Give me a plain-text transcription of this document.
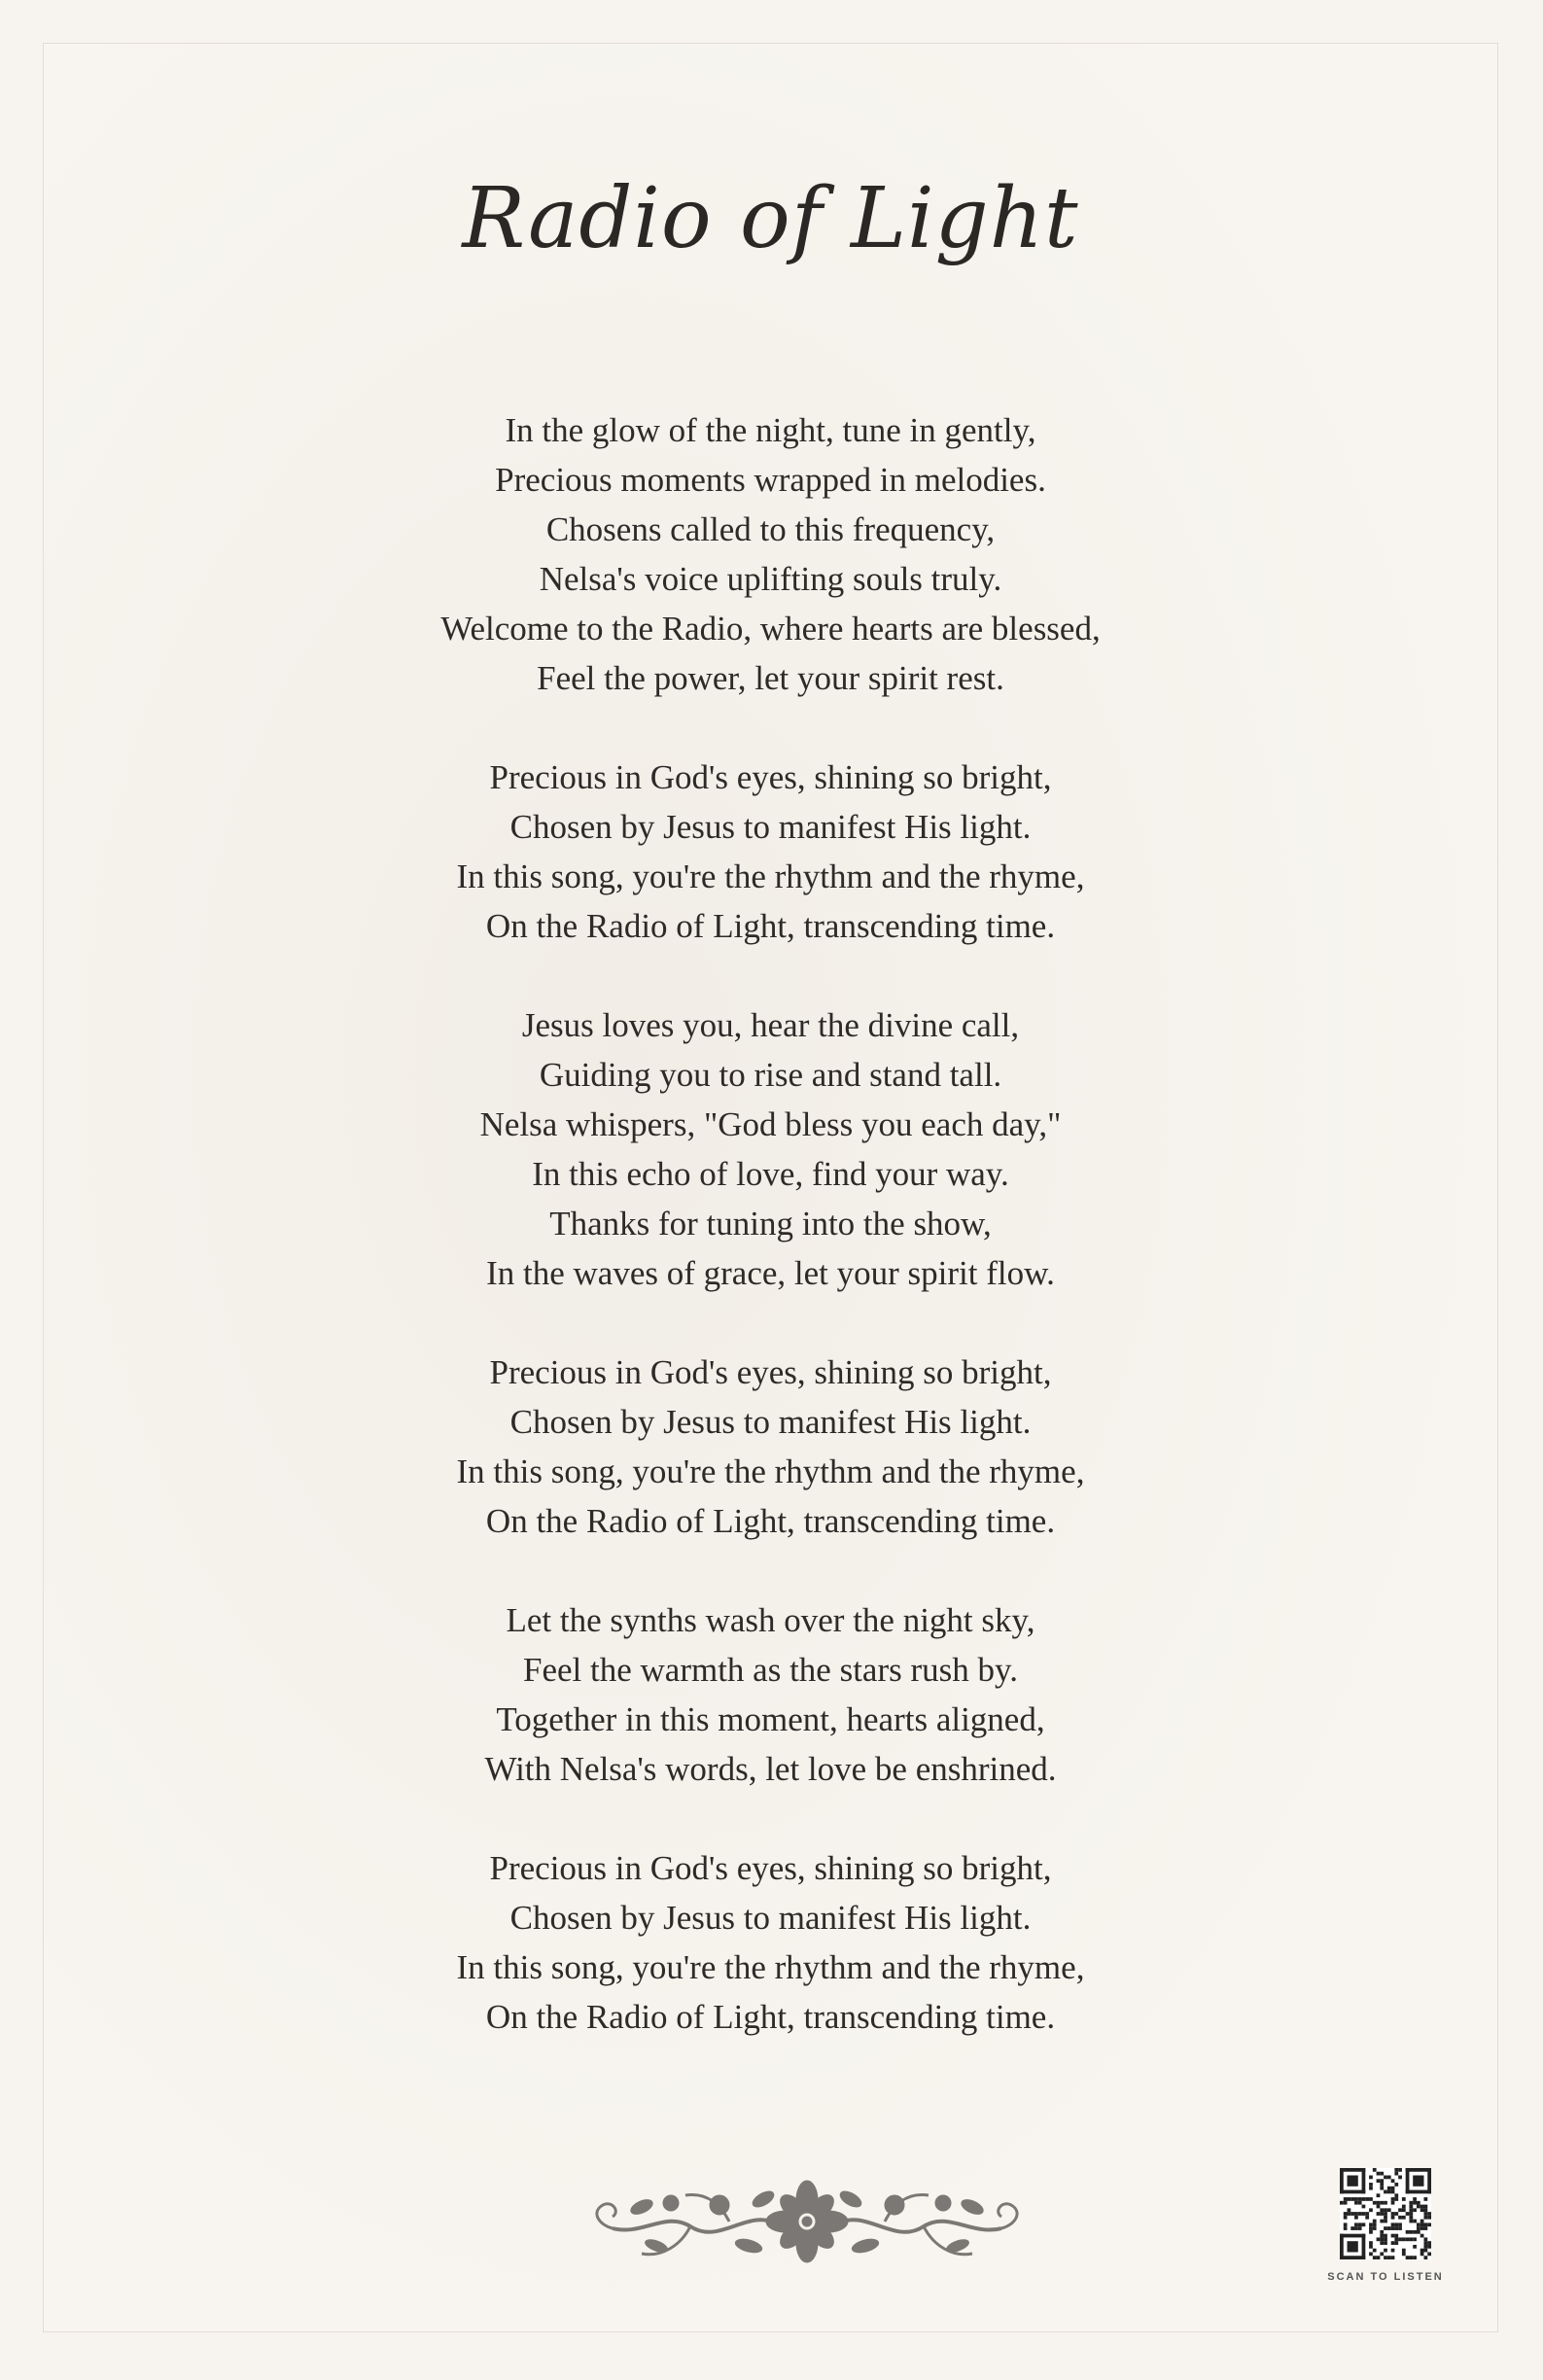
Radio of Light
In the glow of the night, tune in gently,
Precious moments wrapped in melodies.
Chosens called to this frequency,
Nelsa's voice uplifting souls truly.
Welcome to the Radio, where hearts are blessed,
Feel the power, let your spirit rest.
Precious in God's eyes, shining so bright,
Chosen by Jesus to manifest His light.
In this song, you're the rhythm and the rhyme,
On the Radio of Light, transcending time.
Jesus loves you, hear the divine call,
Guiding you to rise and stand tall.
Nelsa whispers, "God bless you each day,"
In this echo of love, find your way.
Thanks for tuning into the show,
In the waves of grace, let your spirit flow.
Precious in God's eyes, shining so bright,
Chosen by Jesus to manifest His light.
In this song, you're the rhythm and the rhyme,
On the Radio of Light, transcending time.
Let the synths wash over the night sky,
Feel the warmth as the stars rush by.
Together in this moment, hearts aligned,
With Nelsa's words, let love be enshrined.
Precious in God's eyes, shining so bright,
Chosen by Jesus to manifest His light.
In this song, you're the rhythm and the rhyme,
On the Radio of Light, transcending time.
SCAN TO LISTEN
